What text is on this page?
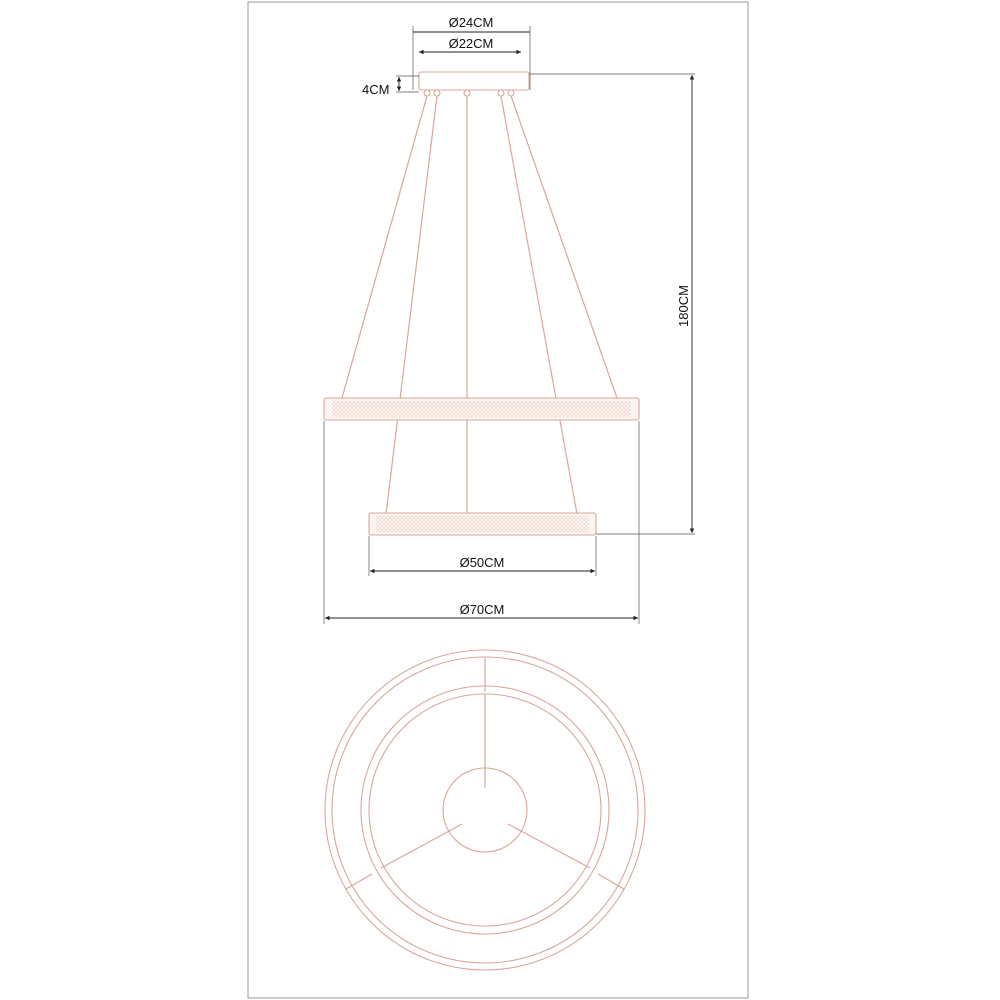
Ø24CM
Ø22CM
4CM
180CM
Ø50CM
Ø70CM
